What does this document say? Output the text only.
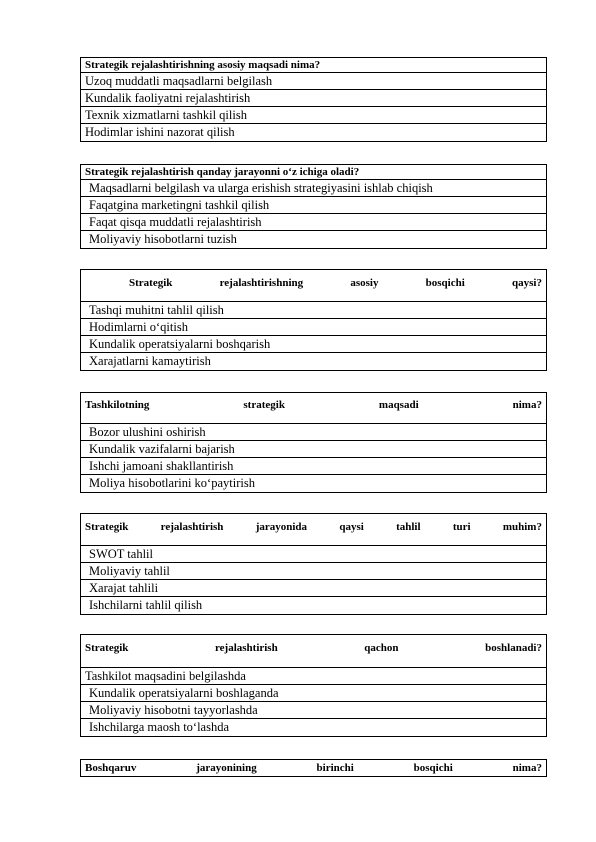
Strategik rejalashtirishning asosiy maqsadi nima?
Uzoq muddatli maqsadlarni belgilash
Kundalik faoliyatni rejalashtirish
Texnik xizmatlarni tashkil qilish
Hodimlar ishini nazorat qilish
Strategik rejalashtirish qanday jarayonni oʻz ichiga oladi?
Maqsadlarni belgilash va ularga erishish strategiyasini ishlab chiqish
Faqatgina marketingni tashkil qilish
Faqat qisqa muddatli rejalashtirish
Moliyaviy hisobotlarni tuzish
Strategik	rejalashtirishning	asosiy	bosqichi	qaysi?
Tashqi muhitni tahlil qilish
Hodimlarni oʻqitish
Kundalik operatsiyalarni boshqarish
Xarajatlarni kamaytirish
Tashkilotning	strategik	maqsadi	nima?
Bozor ulushini oshirish
Kundalik vazifalarni bajarish
Ishchi jamoani shakllantirish
Moliya hisobotlarini koʻpaytirish
Strategik	rejalashtirish	jarayonida	qaysi	tahlil	turi	muhim?
SWOT tahlil
Moliyaviy tahlil
Xarajat tahlili
Ishchilarni tahlil qilish
Strategik	rejalashtirish	qachon	boshlanadi?
Tashkilot maqsadini belgilashda
Kundalik operatsiyalarni boshlaganda
Moliyaviy hisobotni tayyorlashda
Ishchilarga maosh toʻlashda
Boshqaruv	jarayonining	birinchi	bosqichi	nima?
